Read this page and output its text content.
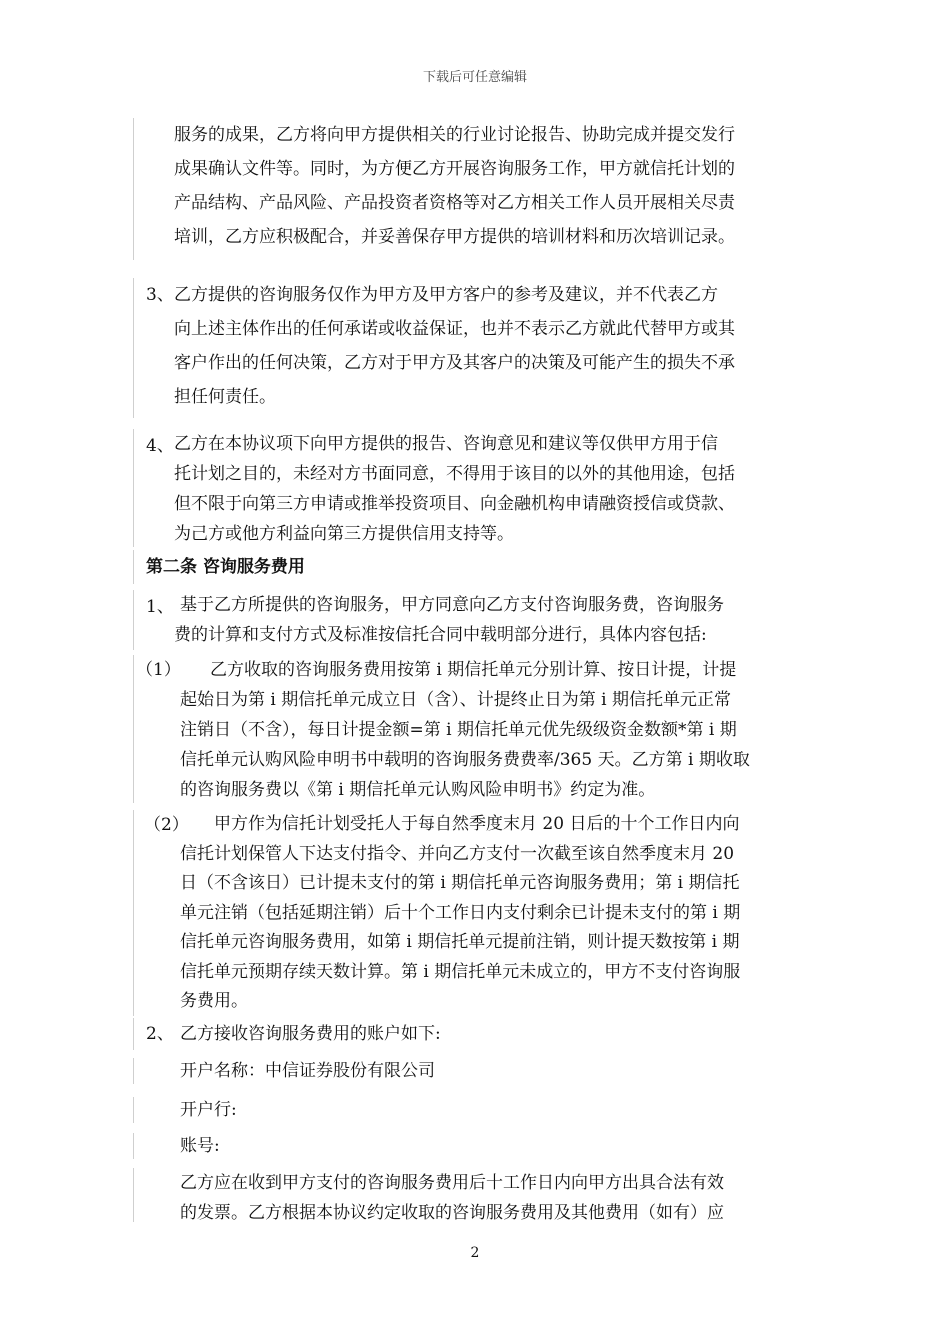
下载后可任意编辑
服务的成果，乙方将向甲方提供相关的行业讨论报告、协助完成并提交发行
成果确认文件等。同时，为方便乙方开展咨询服务工作，甲方就信托计划的
产品结构、产品风险、产品投资者资格等对乙方相关工作人员开展相关尽责
培训，乙方应积极配合，并妥善保存甲方提供的培训材料和历次培训记录。
3、 乙方提供的咨询服务仅作为甲方及甲方客户的参考及建议，并不代表乙方
向上述主体作出的任何承诺或收益保证，也并不表示乙方就此代替甲方或其
客户作出的任何决策，乙方对于甲方及其客户的决策及可能产生的损失不承
担任何责任。
4、 乙方在本协议项下向甲方提供的报告、咨询意见和建议等仅供甲方用于信
托计划之目的，未经对方书面同意，不得用于该目的以外的其他用途，包括
但不限于向第三方申请或推举投资项目、向金融机构申请融资授信或贷款、
为己方或他方利益向第三方提供信用支持等。
第二条 咨询服务费用
1、 基于乙方所提供的咨询服务，甲方同意向乙方支付咨询服务费，咨询服务
费的计算和支付方式及标准按信托合同中载明部分进行，具体内容包括:
（1）	乙方收取的咨询服务费用按第 i 期信托单元分别计算、按日计提，计提
起始日为第 i 期信托单元成立日（含）、计提终止日为第 i 期信托单元正常
注销日（不含），每日计提金额=第 i 期信托单元优先级级资金数额*第 i 期
信托单元认购风险申明书中载明的咨询服务费费率/365 天。乙方第 i 期收取
的咨询服务费以《第 i 期信托单元认购风险申明书》约定为准。
（2）	甲方作为信托计划受托人于每自然季度末月 20 日后的十个工作日内向
信托计划保管人下达支付指令、并向乙方支付一次截至该自然季度末月 20
日（不含该日）已计提未支付的第 i 期信托单元咨询服务费用；第 i 期信托
单元注销（包括延期注销）后十个工作日内支付剩余已计提未支付的第 i 期
信托单元咨询服务费用，如第 i 期信托单元提前注销，则计提天数按第 i 期
信托单元预期存续天数计算。第 i 期信托单元未成立的，甲方不支付咨询服
务费用。
2、 乙方接收咨询服务费用的账户如下:
开户名称：中信证券股份有限公司
开户行:
账号:
乙方应在收到甲方支付的咨询服务费用后十工作日内向甲方出具合法有效
的发票。乙方根据本协议约定收取的咨询服务费用及其他费用（如有）应
2
